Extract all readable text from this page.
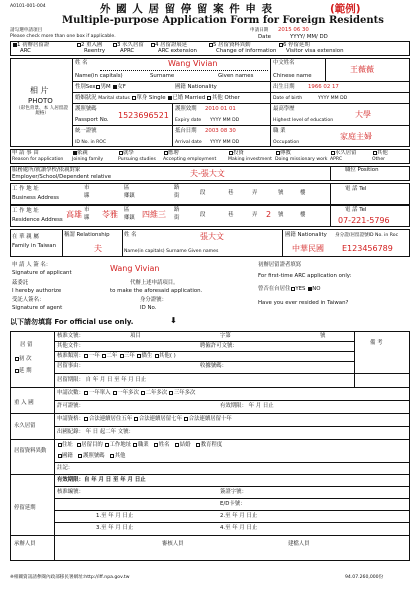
A0101-001-004	外 國 人 居 留 停 留 案 件 申 表	(範例)
Multiple-purpose Application Form for Foreign Residents
請勾選申請項目
Please check more than one box if applicable.
申請日期 2015 06 30
Date	YYYY/ MM/ DD
1 初辦居留證
ARC
2 重入國
Reentry
3 永久居留
APRC
4 居留證展延
ARC extension
5 居留資料異動
Change of information
6 停留延期
Visitor visa extension
相 片
PHOTO
（彩色背景、本 人居留證規格）
姓 名
Name(in capitals)
Wang Vivian
Surname	Given names
中文姓名
Chinese name
王薇薇
性別Sex 男M 女F	國籍 Nationality	出生日期 1966 02 17
婚姻狀況 Marital status 單身 Single 已婚 Married 其他 Other	Date of birth	YYYY MM DD
護照號碼
Passport No. 1523696521
護照效期 2010 01 01
Expiry date YYYY MM DD
最高學歷
Highest level of education
大學
統一證號
ID No. in ROC
抵台日期 2003 08 30
Arrival date YYYY MM DD
職 業
Occupation
家庭主婦
申 請 事 由
Reason for application
依親
Joining family
就學
Pursuing studies
應聘
Accepting employment
投資
Making investment
傳教
Doing missionary work
永久居留
APRC
其他
Other
服務處所/就讀學校/依親對象
Employer/School/Dependent relative	夫-張大文	職位 Position
工 作 地 址
Business Address
市
縣
區
鄉鎮
路
街	段	巷	弄	號	樓
電 話 Tel
工 作 地 址
Residence Address
高雄 市
縣 苓雅 區
鄉鎮 四維三 路
街	段	巷	弄 2 號	樓
電 話 Tel
07-221-5796
在 華 親 屬
Family in Taiwan
稱謂 Relationship
夫
姓 名	張大文
Name(in capitals) Surname Given names
國籍 Nationality
中華民國
身分證/居留證號ID No. in Roc
E123456789
申 請 人 簽 名：
Signature of applicant	Wang Vivian
茲委託	代辦上述申請項目。
I hereby authorize	to make the aforesaid application.
受託人簽名：
Signature of agent
身分證號：
ID No.
初辦居留證者填寫
For first-time ARC application only:
曾否在台居住 YES NO
Have you ever resided in Taiwan?
以下請勿填寫 For official use only.	⬇
居 留
初 次
延 期
核准文號：	項目	字第	號
備 考
其他文件：	聘僱許可文號：
核准類別： 一年 二年 三年 僑生 其他( )
居留事由：	收據號碼：
居留期限： 自 年 月 日 至 年 月 日止
重 入 國
申請次數： 一年單入 一年多次 二年多次 三年多次
許可證號：	有效期限： 年 月 日止
永久居留
申請資格： 合法連續居住五年 合法連續居留七年 合法連續居留十年
出國紀錄： 年 日 起二年 文號：
居留資料異動
住址 居留目的 工作地址 職業 姓名 結婚 教育程度
國籍 護照號碼 其他
註記：
有效期限：自 年 月 日 至 年 月 日止
停留延期
核准編號：	簽證字號：
E/D卡號：
1.至 年 月 日止	2.至 年 月 日止
3.至 年 月 日止	4.至 年 月 日止
承辦人員	審核人員	建檔人員
※相關資訊請參閱內政部移民署網址:http://iff.npa.gov.tw	94.07.260,000份
